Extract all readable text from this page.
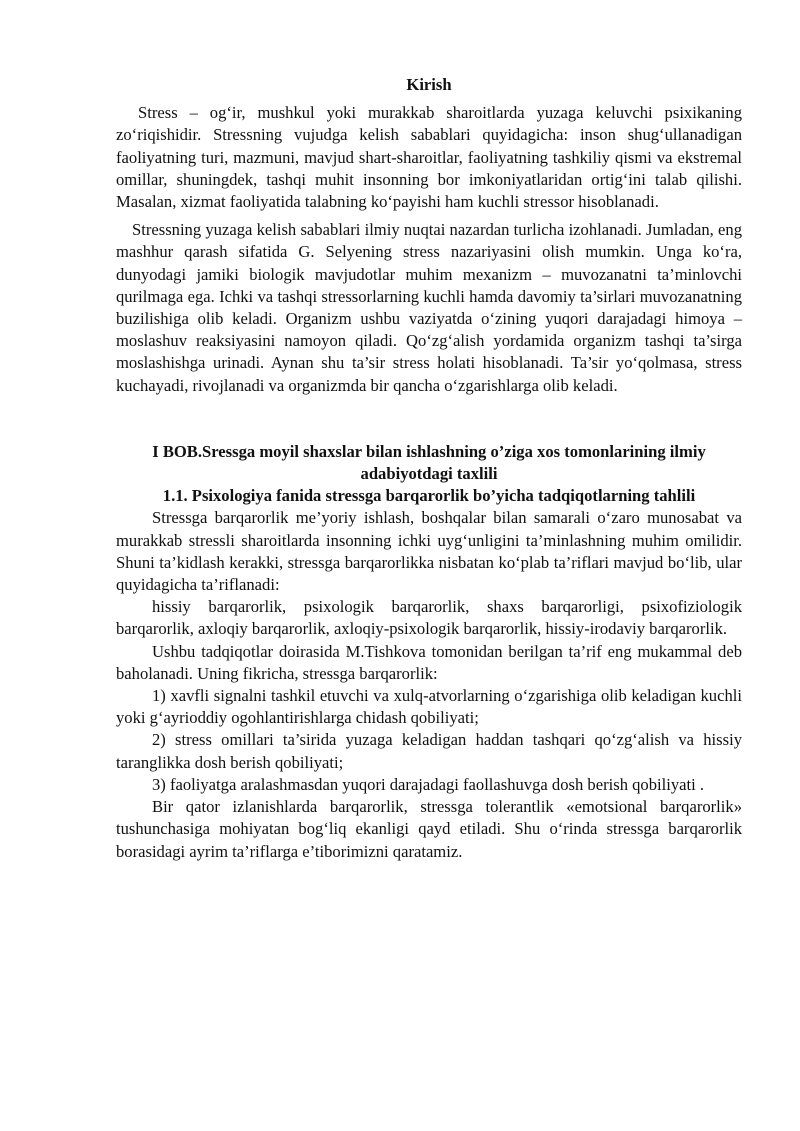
Kirish

Stress – og‘ir, mushkul yoki murakkab sharoitlarda yuzaga keluvchi psixikaning zo‘riqishidir. Stressning vujudga kelish sabablari quyidagicha: inson shug‘ullanadigan faoliyatning turi, mazmuni, mavjud shart-sharoitlar, faoliyatning tashkiliy qismi va ekstremal omillar, shuningdek, tashqi muhit insonning bor imkoniyatlaridan ortig‘ini talab qilishi. Masalan, xizmat faoliyatida talabning ko‘payishi ham kuchli stressor hisoblanadi.

Stressning yuzaga kelish sabablari ilmiy nuqtai nazardan turlicha izohlanadi. Jumladan, eng mashhur qarash sifatida G. Selyening stress nazariyasini olish mumkin. Unga ko‘ra, dunyodagi jamiki biologik mavjudotlar muhim mexanizm – muvozanatni ta’minlovchi qurilmaga ega. Ichki va tashqi stressorlarning kuchli hamda davomiy ta’sirlari muvozanatning buzilishiga olib keladi. Organizm ushbu vaziyatda o‘zining yuqori darajadagi himoya – moslashuv reaksiyasini namoyon qiladi. Qo‘zg‘alish yordamida organizm tashqi ta’sirga moslashishga urinadi. Aynan shu ta’sir stress holati hisoblanadi. Ta’sir yo‘qolmasa, stress kuchayadi, rivojlanadi va organizmda bir qancha o‘zgarishlarga olib keladi.

I BOB.Sressga moyil shaxslar bilan ishlashning o’ziga xos tomonlarining ilmiy adabiyotdagi taxlili
1.1. Psixologiya fanida stressga barqarorlik bo’yicha tadqiqotlarning tahlili

Stressga barqarorlik me’yoriy ishlash, boshqalar bilan samarali o‘zaro munosabat va murakkab stressli sharoitlarda insonning ichki uyg‘unligini ta’minlashning muhim omilidir. Shuni ta’kidlash kerakki, stressga barqarorlikka nisbatan ko‘plab ta’riflari mavjud bo‘lib, ular quyidagicha ta’riflanadi:

hissiy barqarorlik, psixologik barqarorlik, shaxs barqarorligi, psixofiziologik barqarorlik, axloqiy barqarorlik, axloqiy-psixologik barqarorlik, hissiy-irodaviy barqarorlik.

Ushbu tadqiqotlar doirasida M.Tishkova tomonidan berilgan ta’rif eng mukammal deb baholanadi. Uning fikricha, stressga barqarorlik:

1) xavfli signalni tashkil etuvchi va xulq-atvorlarning o‘zgarishiga olib keladigan kuchli yoki g‘ayrioddiy ogohlantirishlarga chidash qobiliyati;

2) stress omillari ta’sirida yuzaga keladigan haddan tashqari qo‘zg‘alish va hissiy taranglikka dosh berish qobiliyati;

3) faoliyatga aralashmasdan yuqori darajadagi faollashuvga dosh berish qobiliyati .

Bir qator izlanishlarda barqarorlik, stressga tolerantlik «emotsional barqarorlik» tushunchasiga mohiyatan bog‘liq ekanligi qayd etiladi. Shu o‘rinda stressga barqarorlik borasidagi ayrim ta’riflarga e’tiborimizni qaratamiz.
